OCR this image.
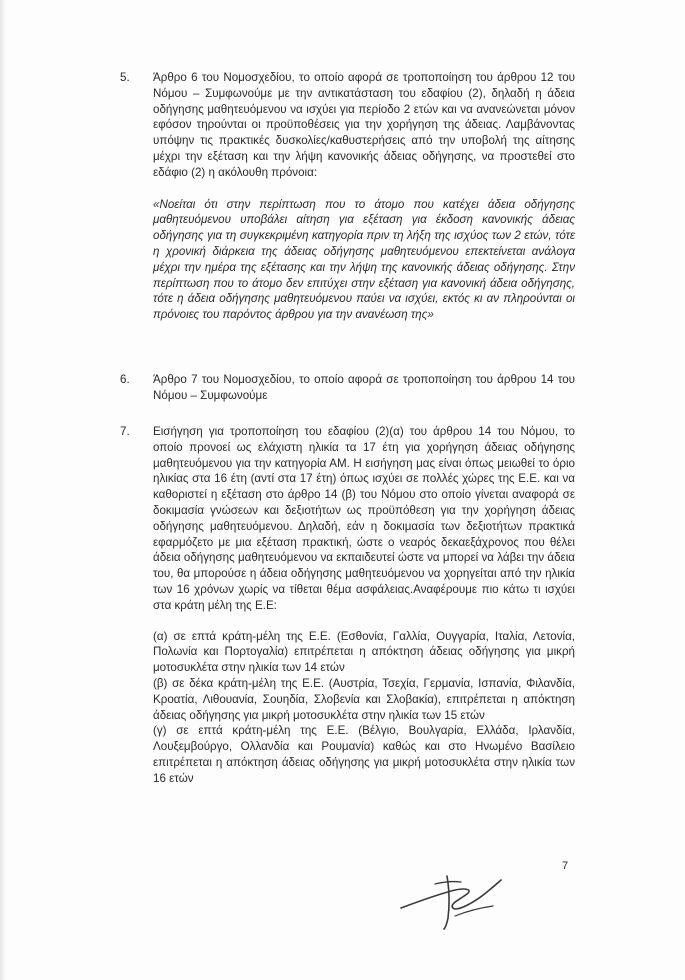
5. Άρθρο 6 του Νομοσχεδίου, το οποίο αφορά σε τροποποίηση του άρθρου 12 του Νόμου – Συμφωνούμε με την αντικατάσταση του εδαφίου (2), δηλαδή η άδεια οδήγησης μαθητευόμενου να ισχύει για περίοδο 2 ετών και να ανανεώνεται μόνον εφόσον τηρούνται οι προϋποθέσεις για την χορήγηση της άδειας. Λαμβάνοντας υπόψην τις πρακτικές δυσκολίες/καθυστερήσεις από την υποβολή της αίτησης μέχρι την εξέταση και την λήψη κανονικής άδειας οδήγησης, να προστεθεί στο εδάφιο (2) η ακόλουθη πρόνοια:

«Νοείται ότι στην περίπτωση που το άτομο που κατέχει άδεια οδήγησης μαθητευόμενου υποβάλει αίτηση για εξέταση για έκδοση κανονικής άδειας οδήγησης για τη συγκεκριμένη κατηγορία πριν τη λήξη της ισχύος των 2 ετών, τότε η χρονική διάρκεια της άδειας οδήγησης μαθητευόμενου επεκτείνεται ανάλογα μέχρι την ημέρα της εξέτασης και την λήψη της κανονικής άδειας οδήγησης. Στην περίπτωση που το άτομο δεν επιτύχει στην εξέταση για κανονική άδεια οδήγησης, τότε η άδεια οδήγησης μαθητευόμενου παύει να ισχύει, εκτός κι αν πληρούνται οι πρόνοιες του παρόντος άρθρου για την ανανέωση της»

6. Άρθρο 7 του Νομοσχεδίου, το οποίο αφορά σε τροποποίηση του άρθρου 14 του Νόμου – Συμφωνούμε

7. Εισήγηση για τροποποίηση του εδαφίου (2)(α) του άρθρου 14 του Νόμου, το οποίο προνοεί ως ελάχιστη ηλικία τα 17 έτη για χορήγηση άδειας οδήγησης μαθητευόμενου για την κατηγορία ΑΜ. Η εισήγηση μας είναι όπως μειωθεί το όριο ηλικίας στα 16 έτη (αντί στα 17 έτη) όπως ισχύει σε πολλές χώρες της Ε.Ε. και να καθοριστεί η εξέταση στο άρθρο 14 (β) του Νόμου στο οποίο γίνεται αναφορά σε δοκιμασία γνώσεων και δεξιοτήτων ως προϋπόθεση για την χορήγηση άδειας οδήγησης μαθητευόμενου. Δηλαδή, εάν η δοκιμασία των δεξιοτήτων πρακτικά εφαρμόζετο με μια εξέταση πρακτική, ώστε ο νεαρός δεκαεξάχρονος που θέλει άδεια οδήγησης μαθητευόμενου να εκπαιδευτεί ώστε να μπορεί να λάβει την άδεια του, θα μπορούσε η άδεια οδήγησης μαθητευόμενου να χορηγείται από την ηλικία των 16 χρόνων χωρίς να τίθεται θέμα ασφάλειας.Αναφέρουμε πιο κάτω τι ισχύει στα κράτη μέλη της Ε.Ε:

(α) σε επτά κράτη-μέλη της Ε.Ε. (Εσθονία, Γαλλία, Ουγγαρία, Ιταλία, Λετονία, Πολωνία και Πορτογαλία) επιτρέπεται η απόκτηση άδειας οδήγησης για μικρή μοτοσυκλέτα στην ηλικία των 14 ετών

(β) σε δέκα κράτη-μέλη της Ε.Ε. (Αυστρία, Τσεχία, Γερμανία, Ισπανία, Φιλανδία, Κροατία, Λιθουανία, Σουηδία, Σλοβενία και Σλοβακία), επιτρέπεται η απόκτηση άδειας οδήγησης για μικρή μοτοσυκλέτα στην ηλικία των 15 ετών

(γ) σε επτά κράτη-μέλη της Ε.Ε. (Βέλγιο, Βουλγαρία, Ελλάδα, Ιρλανδία, Λουξεμβούργο, Ολλανδία και Ρουμανία) καθώς και στο Ηνωμένο Βασίλειο επιτρέπεται η απόκτηση άδειας οδήγησης για μικρή μοτοσυκλέτα στην ηλικία των 16 ετών

7
